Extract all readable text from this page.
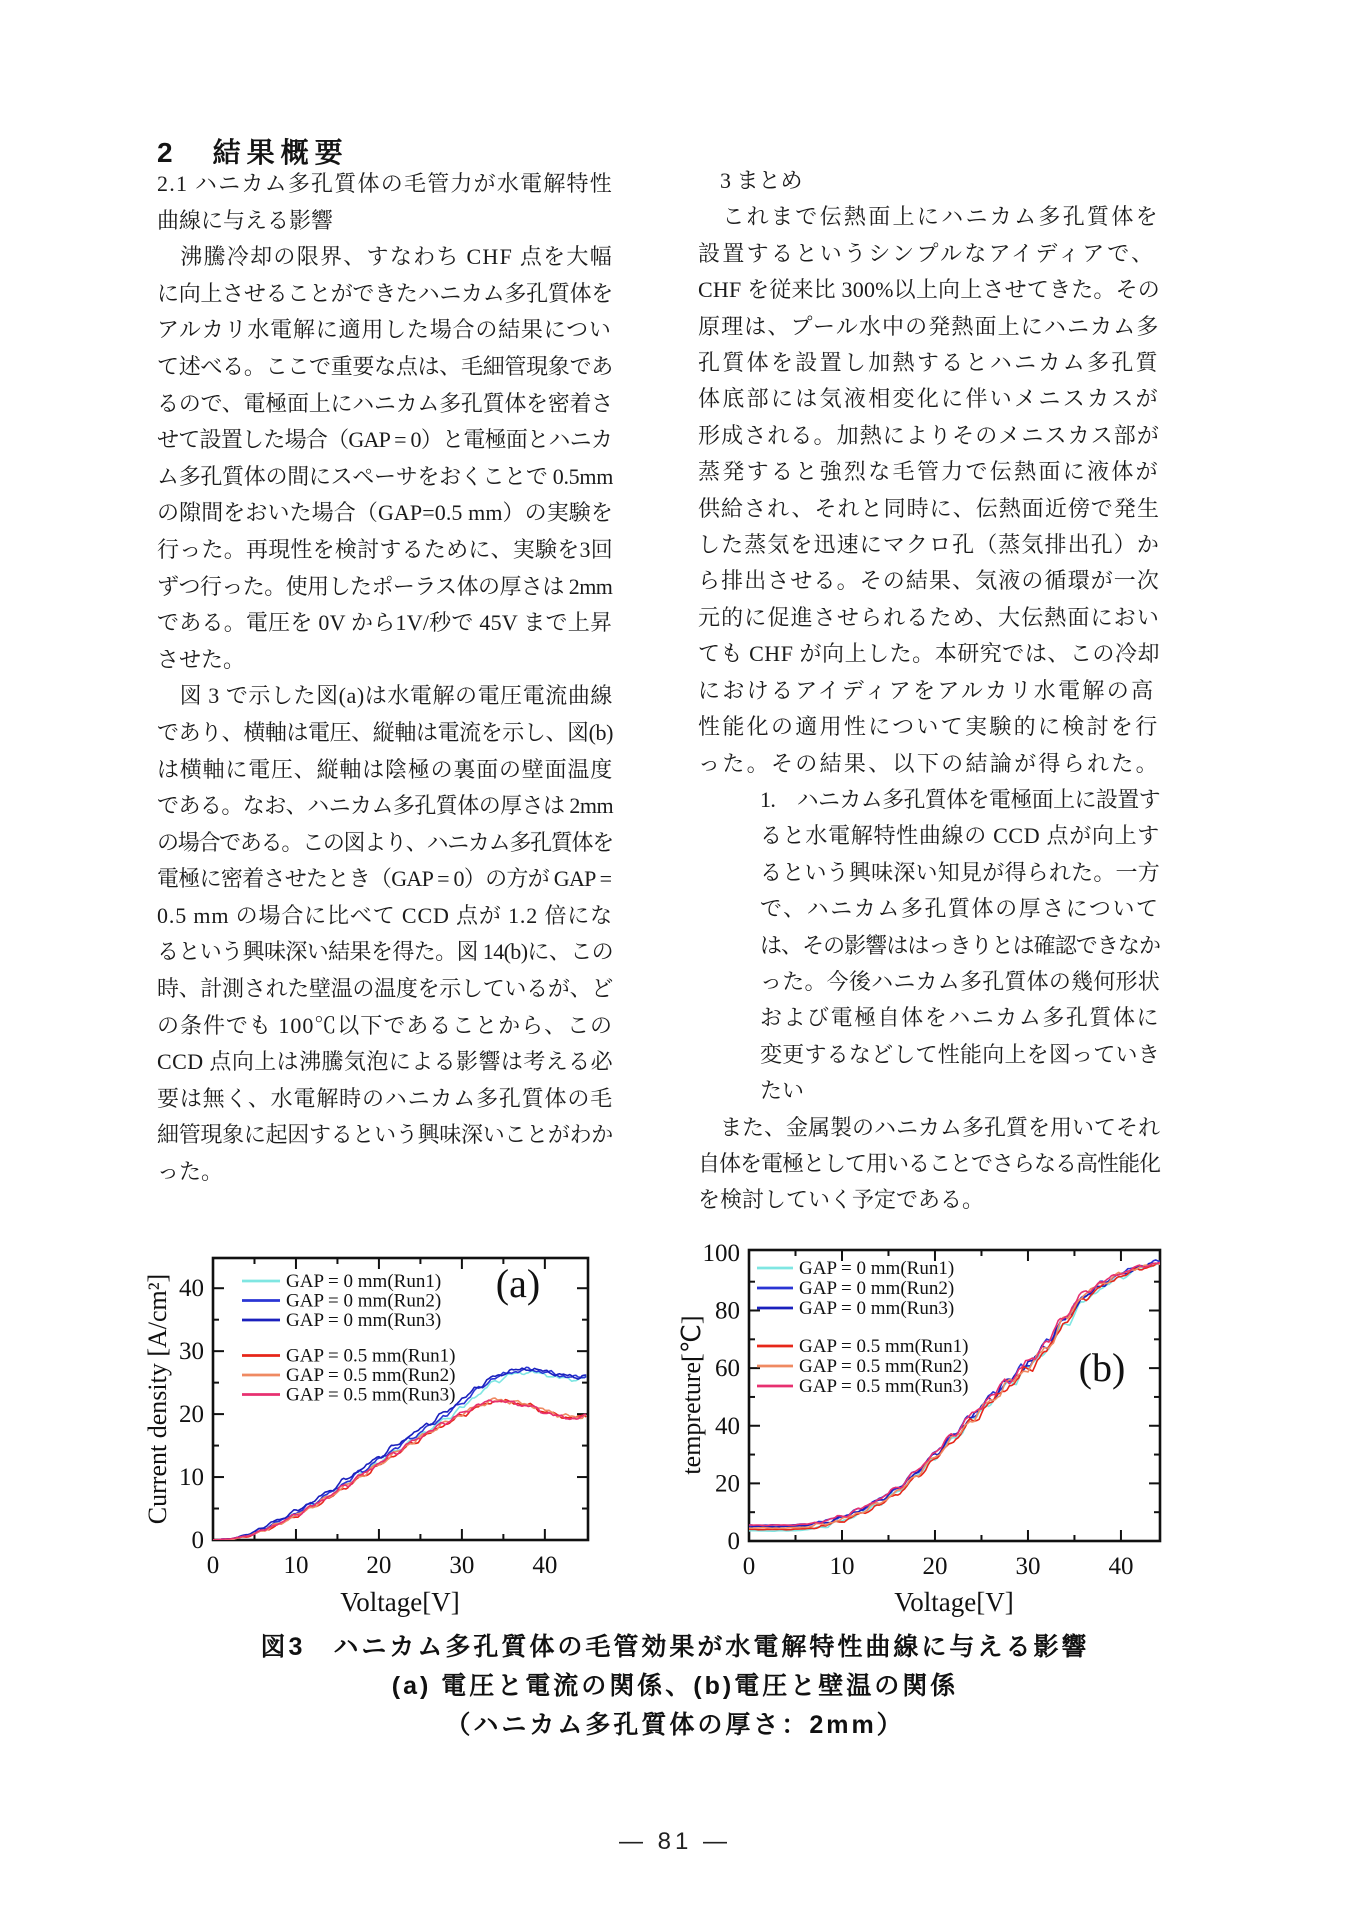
2　結果概要
2.1 ハニカム多孔質体の毛管力が水電解特性
曲線に与える影響
　沸騰冷却の限界、すなわち CHF 点を大幅
に向上させることができたハニカム多孔質体を
アルカリ水電解に適用した場合の結果につい
て述べる。ここで重要な点は、毛細管現象であ
るので、電極面上にハニカム多孔質体を密着さ
せて設置した場合（GAP = 0）と電極面とハニカ
ム多孔質体の間にスペーサをおくことで 0.5mm
の隙間をおいた場合（GAP=0.5 mm）の実験を
行った。再現性を検討するために、実験を3回
ずつ行った。使用したポーラス体の厚さは 2mm
である。電圧を 0V から1V/秒で 45V まで上昇
させた。
　図 3 で示した図(a)は水電解の電圧電流曲線
であり、横軸は電圧、縦軸は電流を示し、図(b)
は横軸に電圧、縦軸は陰極の裏面の壁面温度
である。なお、ハニカム多孔質体の厚さは 2mm
の場合である。この図より、ハニカム多孔質体を
電極に密着させたとき（GAP = 0）の方が GAP =
0.5 mm の場合に比べて CCD 点が 1.2 倍にな
るという興味深い結果を得た。図 14(b)に、この
時、計測された壁温の温度を示しているが、ど
の条件でも 100℃以下であることから、この
CCD 点向上は沸騰気泡による影響は考える必
要は無く、水電解時のハニカム多孔質体の毛
細管現象に起因するという興味深いことがわか
った。
　3 まとめ
　これまで伝熱面上にハニカム多孔質体を
設置するというシンプルなアイディアで、
CHF を従来比 300%以上向上させてきた。その
原理は、プール水中の発熱面上にハニカム多
孔質体を設置し加熱するとハニカム多孔質
体底部には気液相変化に伴いメニスカスが
形成される。加熱によりそのメニスカス部が
蒸発すると強烈な毛管力で伝熱面に液体が
供給され、それと同時に、伝熱面近傍で発生
した蒸気を迅速にマクロ孔（蒸気排出孔）か
ら排出させる。その結果、気液の循環が一次
元的に促進させられるため、大伝熱面におい
ても CHF が向上した。本研究では、この冷却
におけるアイディアをアルカリ水電解の高
性能化の適用性について実験的に検討を行
った。その結果、以下の結論が得られた。
1.　ハニカム多孔質体を電極面上に設置す
ると水電解特性曲線の CCD 点が向上す
るという興味深い知見が得られた。一方
で、ハニカム多孔質体の厚さについて
は、その影響ははっきりとは確認できなか
った。今後ハニカム多孔質体の幾何形状
および電極自体をハニカム多孔質体に
変更するなどして性能向上を図っていき
たい
　また、金属製のハニカム多孔質を用いてそれ
自体を電極として用いることでさらなる高性能化
を検討していく予定である。
0	10 20 30 40
0
10
20
30
40
Voltage[V]
Current density [A/cm²]	GAP = 0 mm(Run1)
GAP = 0 mm(Run2)
GAP = 0 mm(Run3)
GAP = 0.5 mm(Run1)
GAP = 0.5 mm(Run2)
GAP = 0.5 mm(Run3)
(a)
0	10	20	30	40
0
20
40
60
80
100
Voltage[V]
tempreture[℃]
GAP = 0 mm(Run1)
GAP = 0 mm(Run2)
GAP = 0 mm(Run3)
GAP = 0.5 mm(Run1)
GAP = 0.5 mm(Run2)
GAP = 0.5 mm(Run3)	(b)
図3　ハニカム多孔質体の毛管効果が水電解特性曲線に与える影響
(a) 電圧と電流の関係、(b)電圧と壁温の関係
（ハニカム多孔質体の厚さ：2mm）
― 81 ―
